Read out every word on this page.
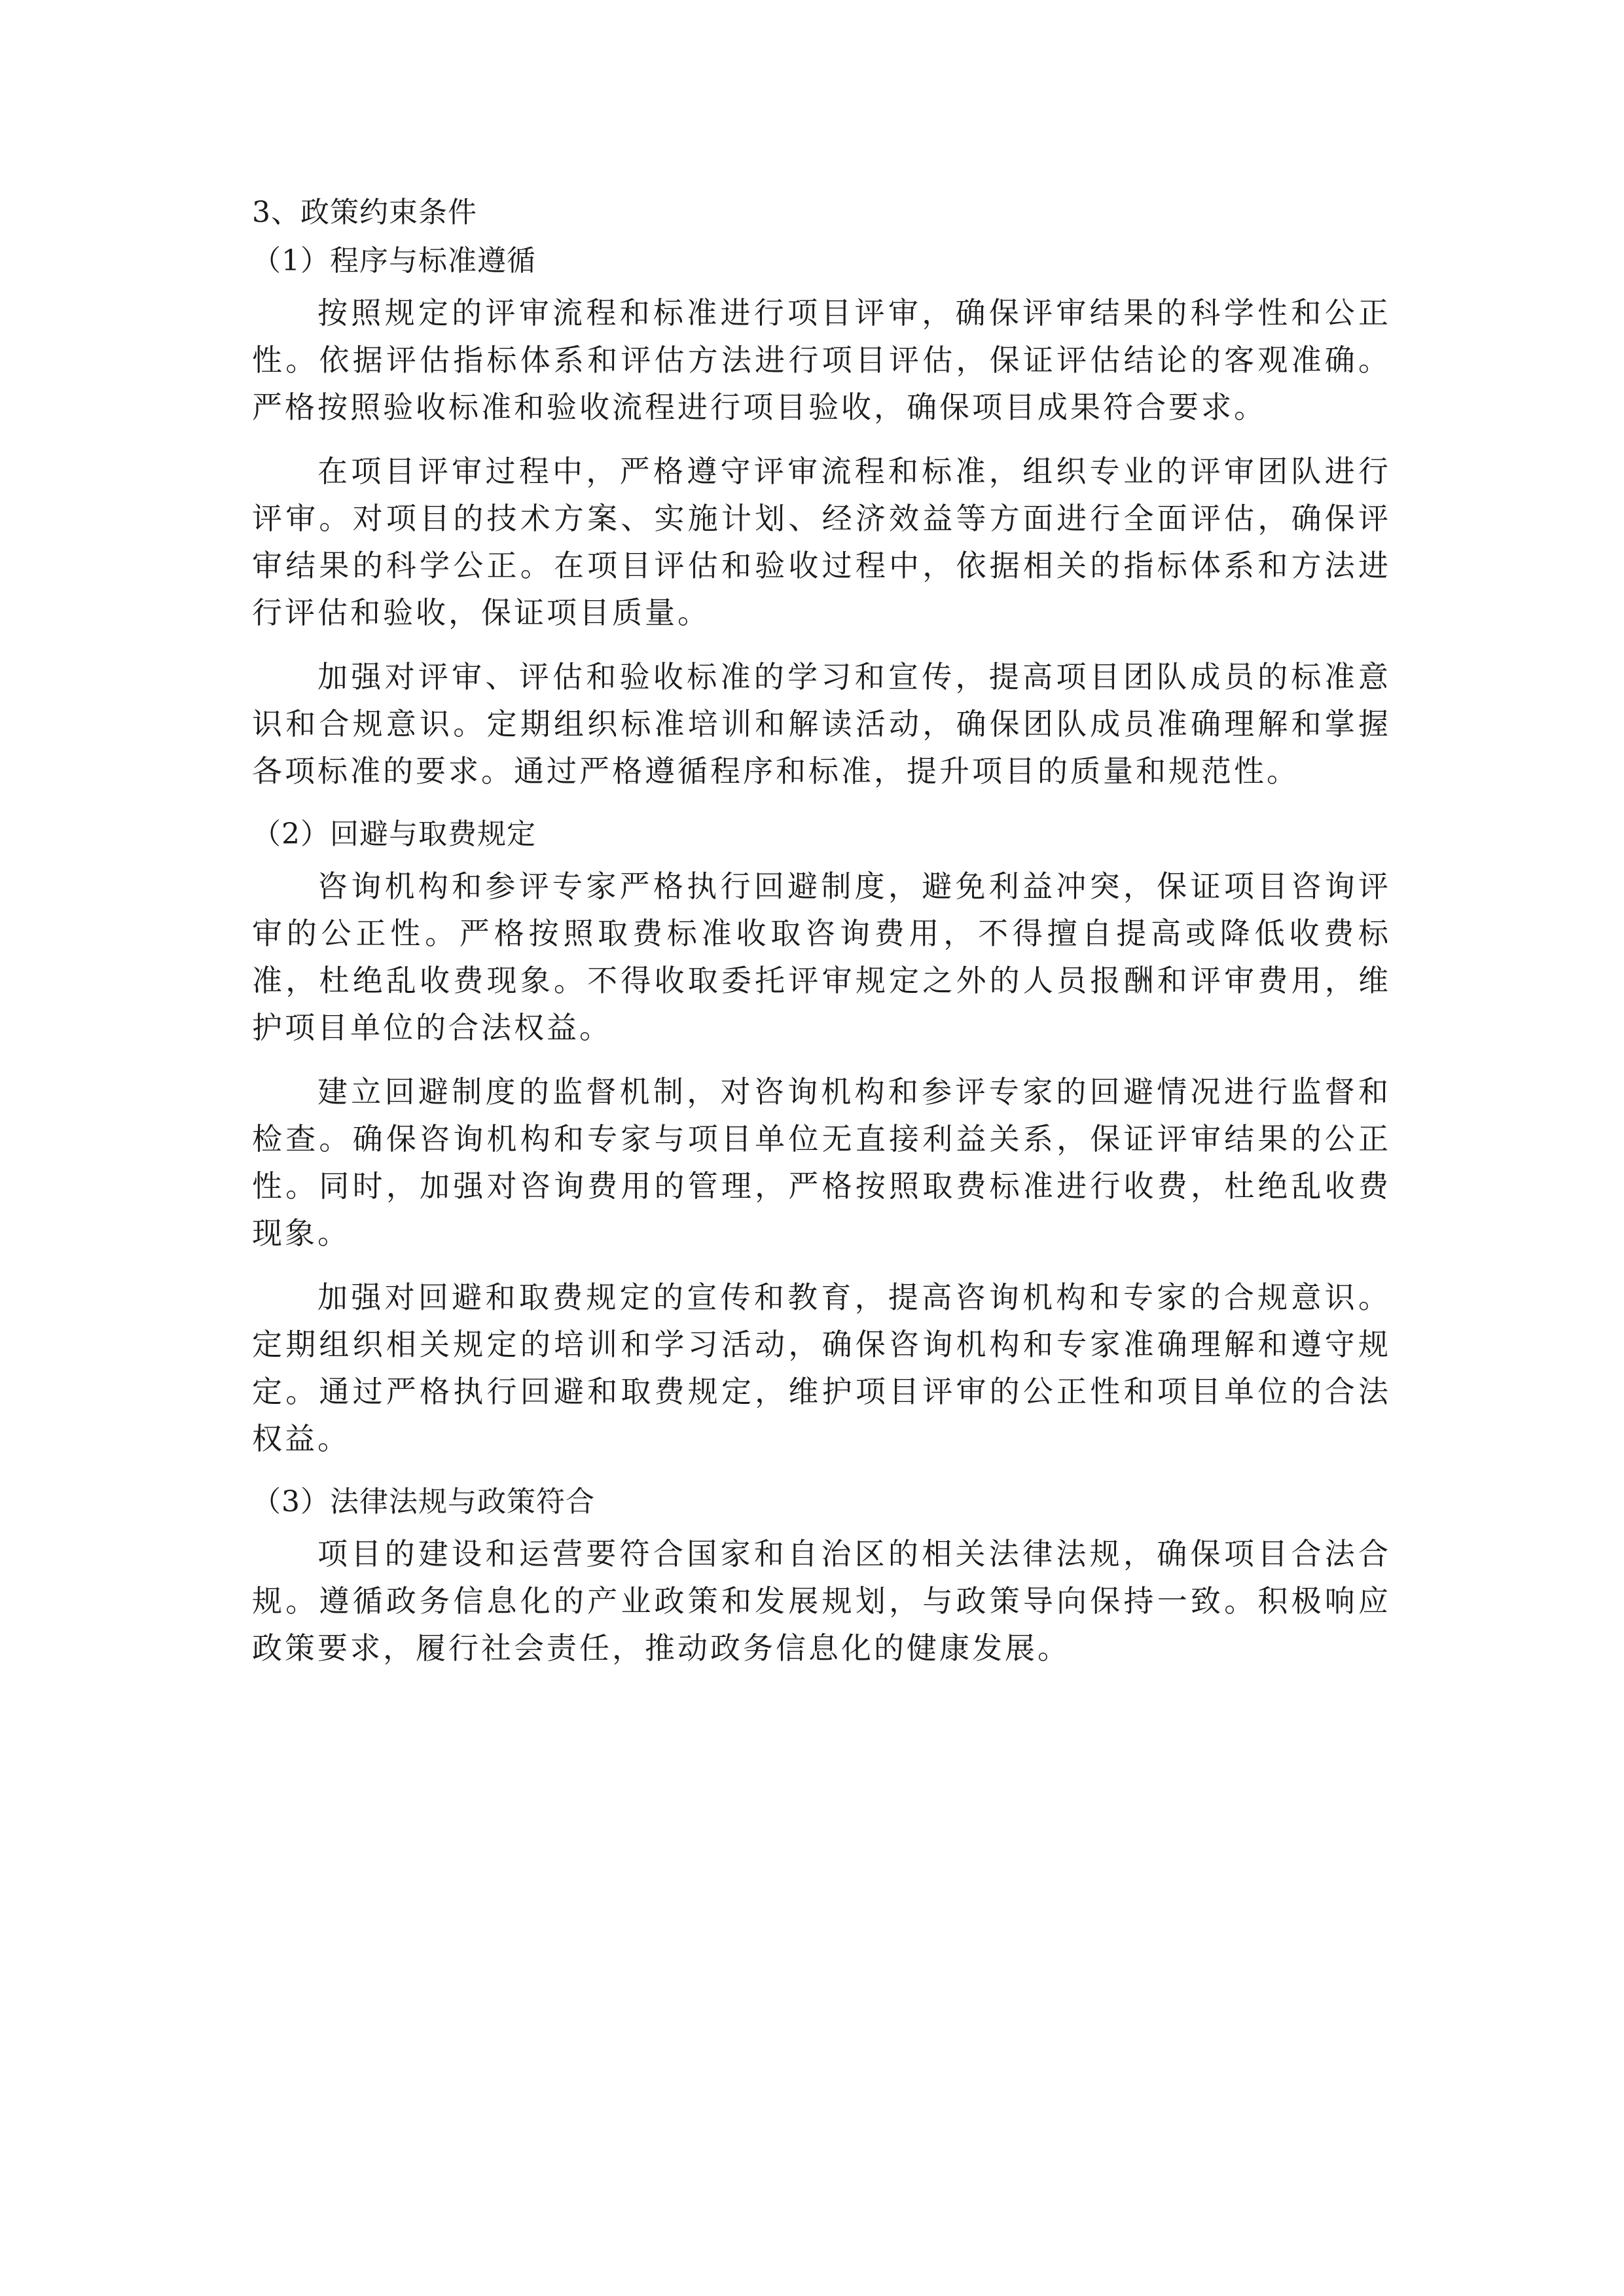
3、政策约束条件
（1）程序与标准遵循

按照规定的评审流程和标准进行项目评审，确保评审结果的科学性和公正性。依据评估指标体系和评估方法进行项目评估，保证评估结论的客观准确。严格按照验收标准和验收流程进行项目验收，确保项目成果符合要求。

在项目评审过程中，严格遵守评审流程和标准，组织专业的评审团队进行评审。对项目的技术方案、实施计划、经济效益等方面进行全面评估，确保评审结果的科学公正。在项目评估和验收过程中，依据相关的指标体系和方法进行评估和验收，保证项目质量。

加强对评审、评估和验收标准的学习和宣传，提高项目团队成员的标准意识和合规意识。定期组织标准培训和解读活动，确保团队成员准确理解和掌握各项标准的要求。通过严格遵循程序和标准，提升项目的质量和规范性。

（2）回避与取费规定

咨询机构和参评专家严格执行回避制度，避免利益冲突，保证项目咨询评审的公正性。严格按照取费标准收取咨询费用，不得擅自提高或降低收费标准，杜绝乱收费现象。不得收取委托评审规定之外的人员报酬和评审费用，维护项目单位的合法权益。

建立回避制度的监督机制，对咨询机构和参评专家的回避情况进行监督和检查。确保咨询机构和专家与项目单位无直接利益关系，保证评审结果的公正性。同时，加强对咨询费用的管理，严格按照取费标准进行收费，杜绝乱收费现象。

加强对回避和取费规定的宣传和教育，提高咨询机构和专家的合规意识。定期组织相关规定的培训和学习活动，确保咨询机构和专家准确理解和遵守规定。通过严格执行回避和取费规定，维护项目评审的公正性和项目单位的合法权益。

（3）法律法规与政策符合

项目的建设和运营要符合国家和自治区的相关法律法规，确保项目合法合规。遵循政务信息化的产业政策和发展规划，与政策导向保持一致。积极响应政策要求，履行社会责任，推动政务信息化的健康发展。
